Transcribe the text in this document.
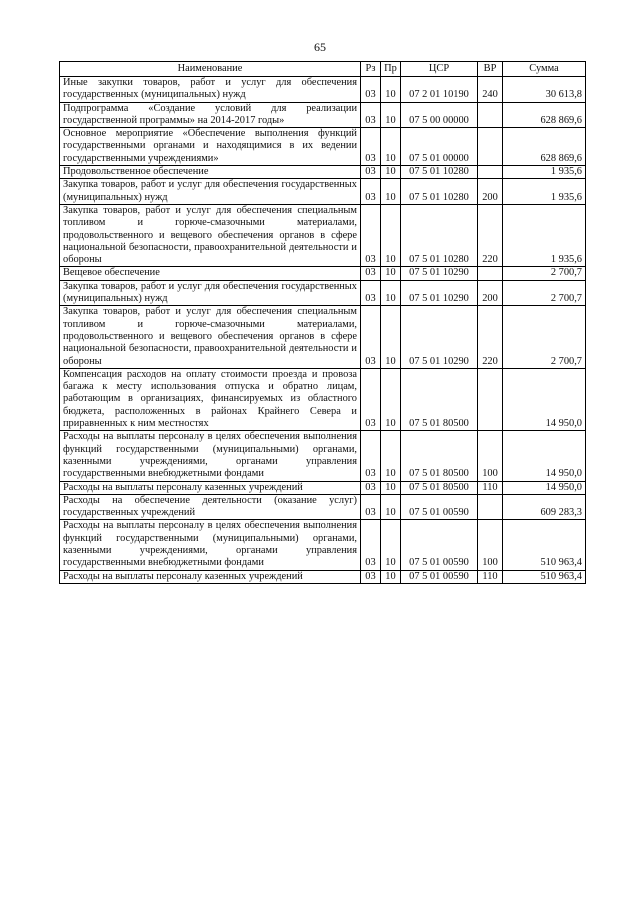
65
Наименование	Рз	Пр	ЦСР	ВР	Сумма
Иные закупки товаров, работ и услуг для обеспечения государственных (муниципальных) нужд	03	10	07 2 01 10190	240	30 613,8
Подпрограмма «Создание условий для реализации государственной программы» на 2014-2017 годы»	03	10	07 5 00 00000		628 869,6
Основное мероприятие «Обеспечение выполнения функций государственными органами и находящимися в их ведении государственными учреждениями»	03	10	07 5 01 00000		628 869,6
Продовольственное обеспечение	03	10	07 5 01 10280		1 935,6
Закупка товаров, работ и услуг для обеспечения государственных (муниципальных) нужд	03	10	07 5 01 10280	200	1 935,6
Закупка товаров, работ и услуг для обеспечения специальным топливом и горюче-смазочными материалами, продовольственного и вещевого обеспечения органов в сфере национальной безопасности, правоохранительной деятельности и обороны	03	10	07 5 01 10280	220	1 935,6
Вещевое обеспечение	03	10	07 5 01 10290		2 700,7
Закупка товаров, работ и услуг для обеспечения государственных (муниципальных) нужд	03	10	07 5 01 10290	200	2 700,7
Закупка товаров, работ и услуг для обеспечения специальным топливом и горюче-смазочными материалами, продовольственного и вещевого обеспечения органов в сфере национальной безопасности, правоохранительной деятельности и обороны	03	10	07 5 01 10290	220	2 700,7
Компенсация расходов на оплату стоимости проезда и провоза багажа к месту использования отпуска и обратно лицам, работающим в организациях, финансируемых из областного бюджета, расположенных в районах Крайнего Севера и приравненных к ним местностях	03	10	07 5 01 80500		14 950,0
Расходы на выплаты персоналу в целях обеспечения выполнения функций государственными (муниципальными) органами, казенными учреждениями, органами управления государственными внебюджетными фондами	03	10	07 5 01 80500	100	14 950,0
Расходы на выплаты персоналу казенных учреждений	03	10	07 5 01 80500	110	14 950,0
Расходы на обеспечение деятельности (оказание услуг) государственных учреждений	03	10	07 5 01 00590		609 283,3
Расходы на выплаты персоналу в целях обеспечения выполнения функций государственными (муниципальными) органами, казенными учреждениями, органами управления государственными внебюджетными фондами	03	10	07 5 01 00590	100	510 963,4
Расходы на выплаты персоналу казенных учреждений	03	10	07 5 01 00590	110	510 963,4
